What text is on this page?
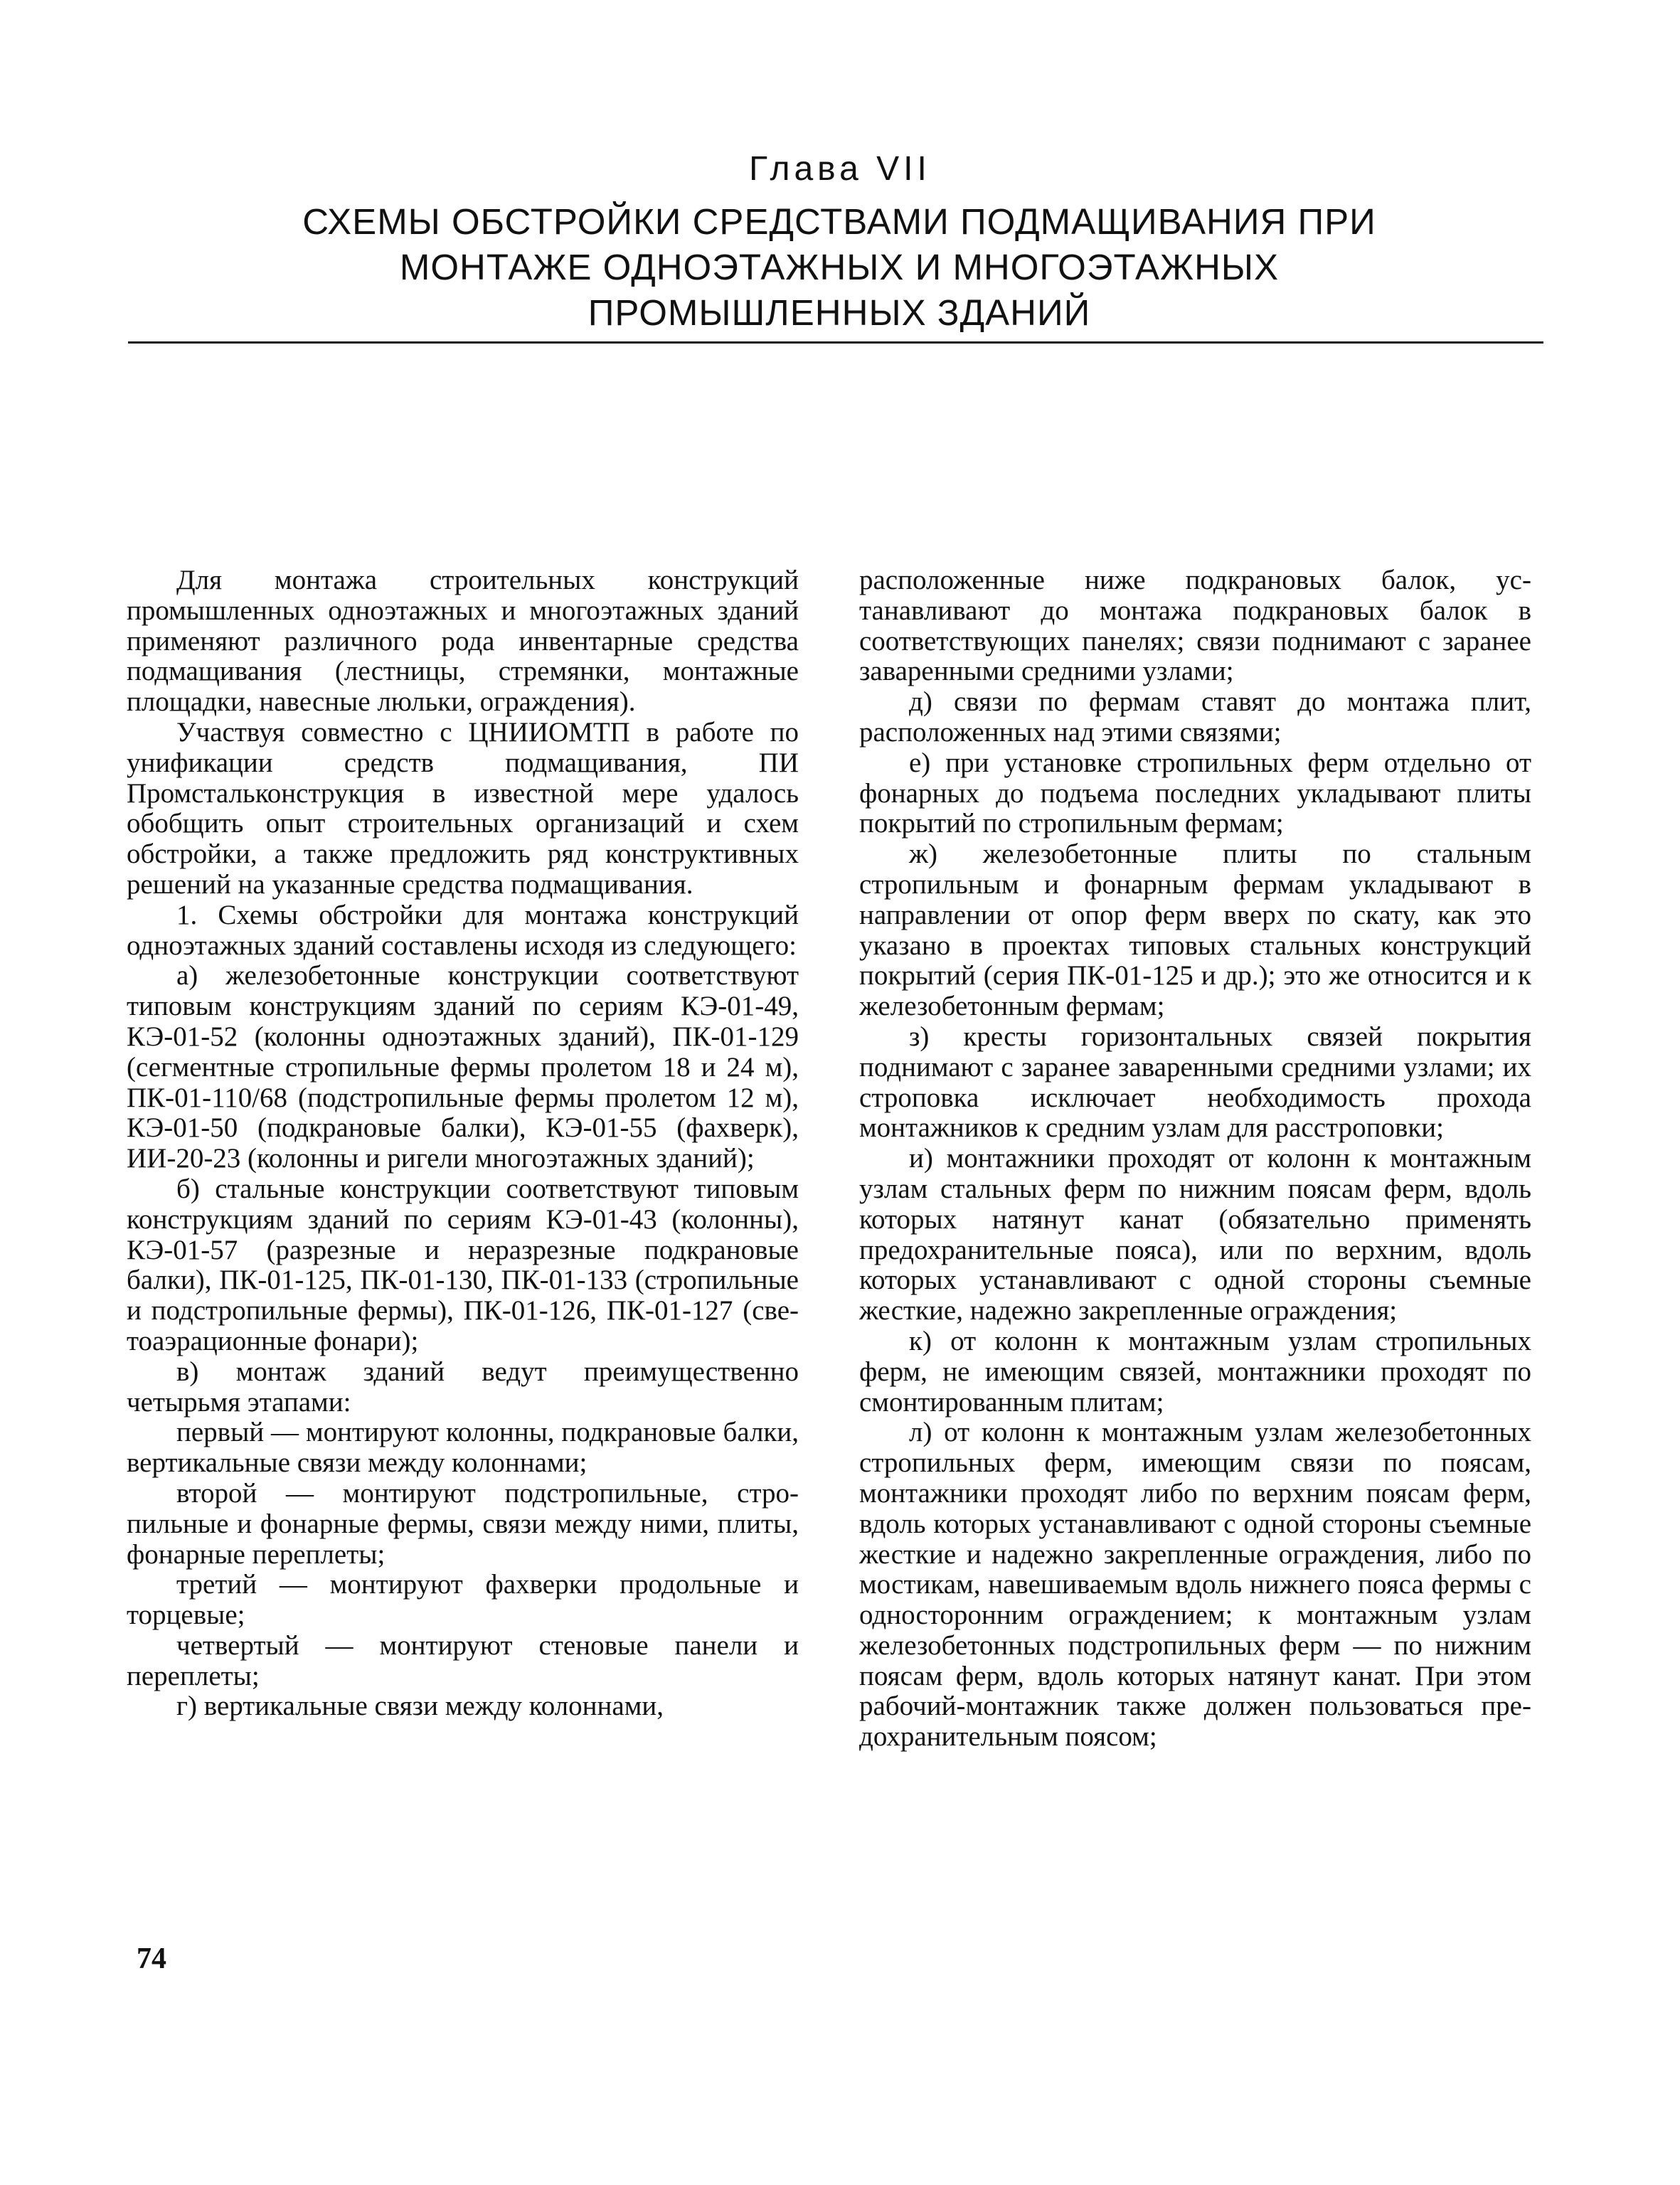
Глава VII

СХЕМЫ ОБСТРОЙКИ СРЕДСТВАМИ ПОДМАЩИВАНИЯ ПРИ МОНТАЖЕ ОДНОЭТАЖНЫХ И МНОГОЭТАЖНЫХ ПРОМЫШЛЕННЫХ ЗДАНИЙ

Для монтажа строительных конструкций промышленных одноэтажных и многоэтажных зданий применяют различного рода инвентарные средства подмащивания (лестницы, стремянки, монтажные площадки, навесные люльки, ограждения).

Участвуя совместно с ЦНИИОМТП в работе по унификации средств подмащивания, ПИ Промстальконструкция в известной мере удалось обобщить опыт строительных организаций и схем обстройки, а также предложить ряд конструктивных решений на указанные средства подмащивания.

1. Схемы обстройки для монтажа конструкций одноэтажных зданий составлены исходя из следующего:

а) железобетонные конструкции соответствуют типовым конструкциям зданий по сериям КЭ-01-49, КЭ-01-52 (колонны одноэтажных зданий), ПК-01-129 (сегментные стропильные фермы пролетом 18 и 24 м), ПК-01-110/68 (подстропильные фермы пролетом 12 м), КЭ-01-50 (подкрановые балки), КЭ-01-55 (фахверк), ИИ-20-23 (колонны и ригели многоэтажных зданий);

б) стальные конструкции соответствуют типовым конструкциям зданий по сериям КЭ-01-43 (колонны), КЭ-01-57 (разрезные и неразрезные подкрановые балки), ПК-01-125, ПК-01-130, ПК-01-133 (стропильные и подстропильные фермы), ПК-01-126, ПК-01-127 (светоаэрационные фонари);

в) монтаж зданий ведут преимущественно четырьмя этапами:

первый — монтируют колонны, подкрановые балки, вертикальные связи между колоннами;

второй — монтируют подстропильные, стропильные и фонарные фермы, связи между ними, плиты, фонарные переплеты;

третий — монтируют фахверки продольные и торцевые;

четвертый — монтируют стеновые панели и переплеты;

г) вертикальные связи между колоннами,

расположенные ниже подкрановых балок, устанавливают до монтажа подкрановых балок в соответствующих панелях; связи поднимают с заранее заваренными средними узлами;

д) связи по фермам ставят до монтажа плит, расположенных над этими связями;

е) при установке стропильных ферм отдельно от фонарных до подъема последних укладывают плиты покрытий по стропильным фермам;

ж) железобетонные плиты по стальным стропильным и фонарным фермам укладывают в направлении от опор ферм вверх по скату, как это указано в проектах типовых стальных конструкций покрытий (серия ПК-01-125 и др.); это же относится и к железобетонным фермам;

з) кресты горизонтальных связей покрытия поднимают с заранее заваренными средними узлами; их строповка исключает необходимость прохода монтажников к средним узлам для расстроповки;

и) монтажники проходят от колонн к монтажным узлам стальных ферм по нижним поясам ферм, вдоль которых натянут канат (обязательно применять предохранительные пояса), или по верхним, вдоль которых устанавливают с одной стороны съемные жесткие, надежно закрепленные ограждения;

к) от колонн к монтажным узлам стропильных ферм, не имеющим связей, монтажники проходят по смонтированным плитам;

л) от колонн к монтажным узлам железобетонных стропильных ферм, имеющим связи по поясам, монтажники проходят либо по верхним поясам ферм, вдоль которых устанавливают с одной стороны съемные жесткие и надежно закрепленные ограждения, либо по мостикам, навешиваемым вдоль нижнего пояса фермы с односторонним ограждением; к монтажным узлам железобетонных подстропильных ферм — по нижним поясам ферм, вдоль которых натянут канат. При этом рабочий-монтажник также должен пользоваться предохранительным поясом;

74
